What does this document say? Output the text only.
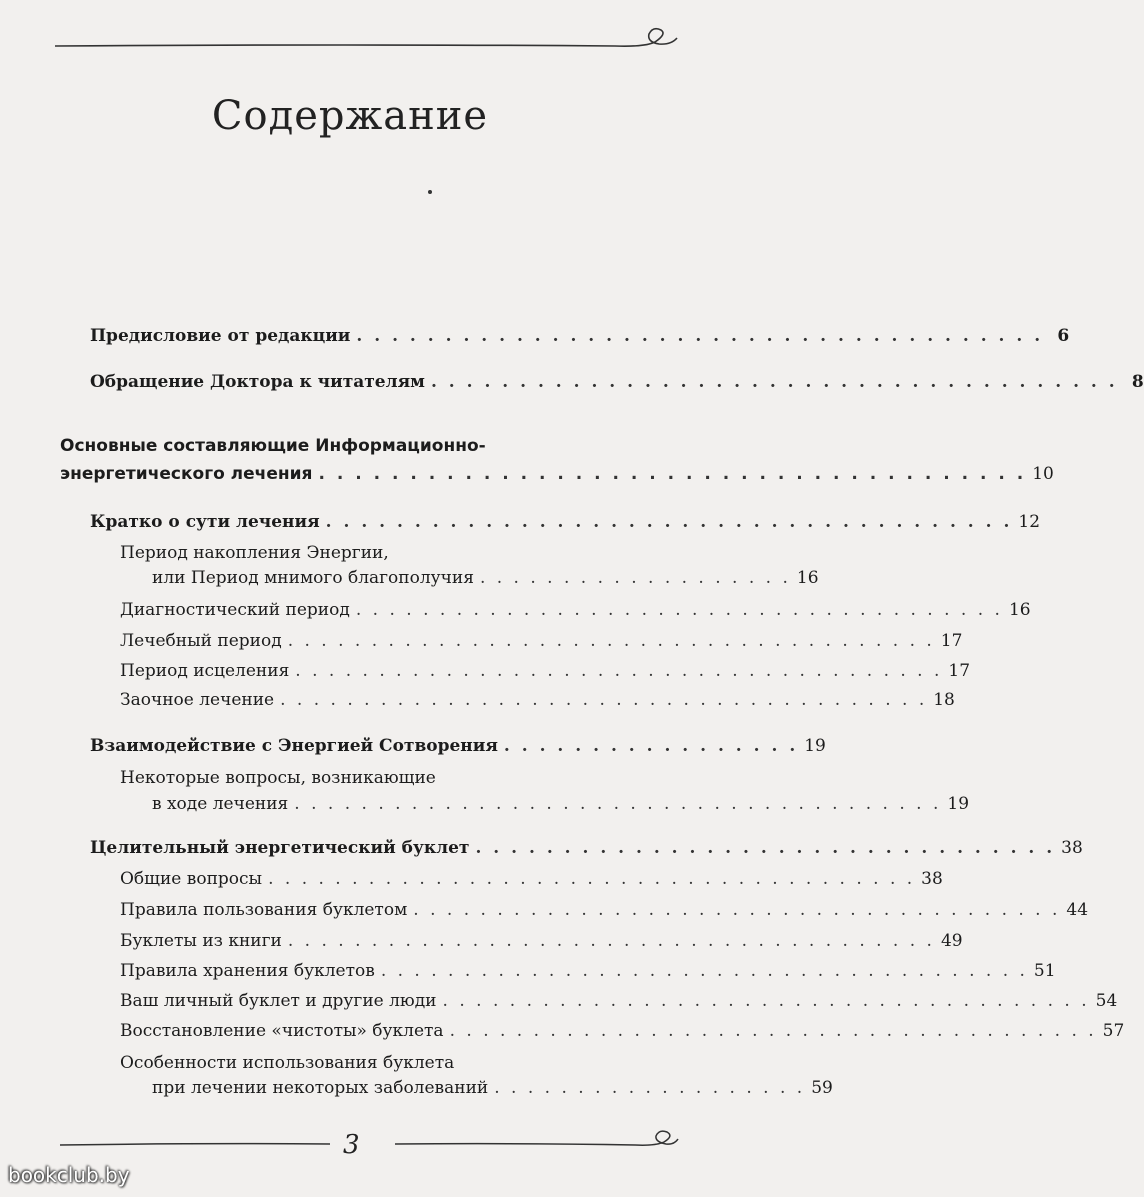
Содержание
Предисловие от редакции . . . . . . . . . . . . . . . . . . . . . . . . . . . . . . . . . . . . . . . 6
Обращение Доктора к читателям . . . . . . . . . . . . . . . . . . . . . . . . . . . . . . . . . . . . . . . 8
Основные составляющие Информационно-
энергетического лечения . . . . . . . . . . . . . . . . . . . . . . . . . . . . . . . . . . . . . . . 10
Кратко о сути лечения . . . . . . . . . . . . . . . . . . . . . . . . . . . . . . . . . . . . . . . 12
Период накопления Энергии,
или Период мнимого благополучия . . . . . . . . . . . . . . . . . . . 16
Диагностический период . . . . . . . . . . . . . . . . . . . . . . . . . . . . . . . . . . . . . . . 16
Лечебный период . . . . . . . . . . . . . . . . . . . . . . . . . . . . . . . . . . . . . . . 17
Период исцеления . . . . . . . . . . . . . . . . . . . . . . . . . . . . . . . . . . . . . . . 17
Заочное лечение . . . . . . . . . . . . . . . . . . . . . . . . . . . . . . . . . . . . . . . 18
Взаимодействие с Энергией Сотворения . . . . . . . . . . . . . . . . . 19
Некоторые вопросы, возникающие
в ходе лечения . . . . . . . . . . . . . . . . . . . . . . . . . . . . . . . . . . . . . . . 19
Целительный энергетический буклет . . . . . . . . . . . . . . . . . . . . . . . . . . . . . . . . . 38
Общие вопросы . . . . . . . . . . . . . . . . . . . . . . . . . . . . . . . . . . . . . . . 38
Правила пользования буклетом . . . . . . . . . . . . . . . . . . . . . . . . . . . . . . . . . . . . . . . 44
Буклеты из книги . . . . . . . . . . . . . . . . . . . . . . . . . . . . . . . . . . . . . . . 49
Правила хранения буклетов . . . . . . . . . . . . . . . . . . . . . . . . . . . . . . . . . . . . . . . 51
Ваш личный буклет и другие люди . . . . . . . . . . . . . . . . . . . . . . . . . . . . . . . . . . . . . . . 54
Восстановление «чистоты» буклета . . . . . . . . . . . . . . . . . . . . . . . . . . . . . . . . . . . . . . . 57
Особенности использования буклета
при лечении некоторых заболеваний . . . . . . . . . . . . . . . . . . . 59
3
bookclub.by
